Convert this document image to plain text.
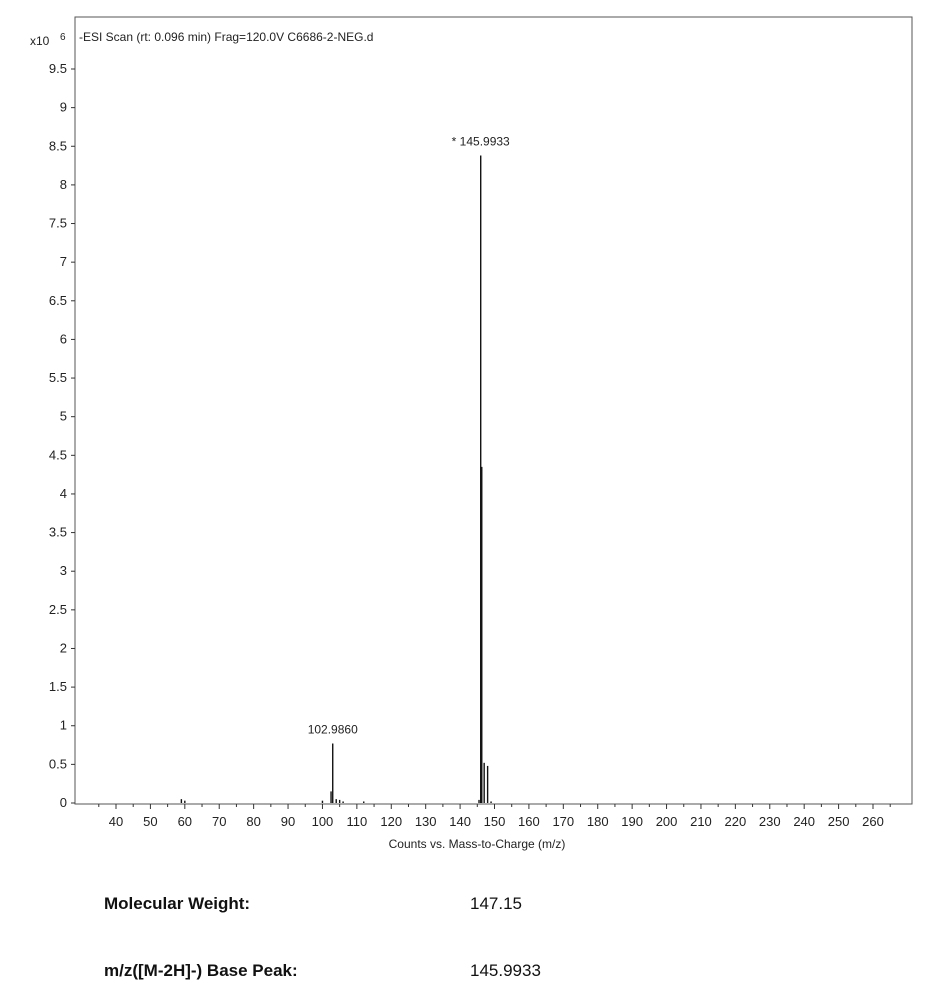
x10 6 -ESI Scan (rt: 0.096 min) Frag=120.0V C6686-2-NEG.d
0
0.5
1
1.5
2
2.5
3
3.5
4
4.5
5
5.5
6
6.5
7
7.5
8
8.5
9
9.5
40 50 60 70 80 90 100 110 120 130 140 150 160 170 180 190 200 210 220 230 240 250 260
* 145.9933
102.9860
Counts vs. Mass-to-Charge (m/z)
Molecular Weight:	147.15
m/z([M-2H]-) Base Peak:	145.9933
